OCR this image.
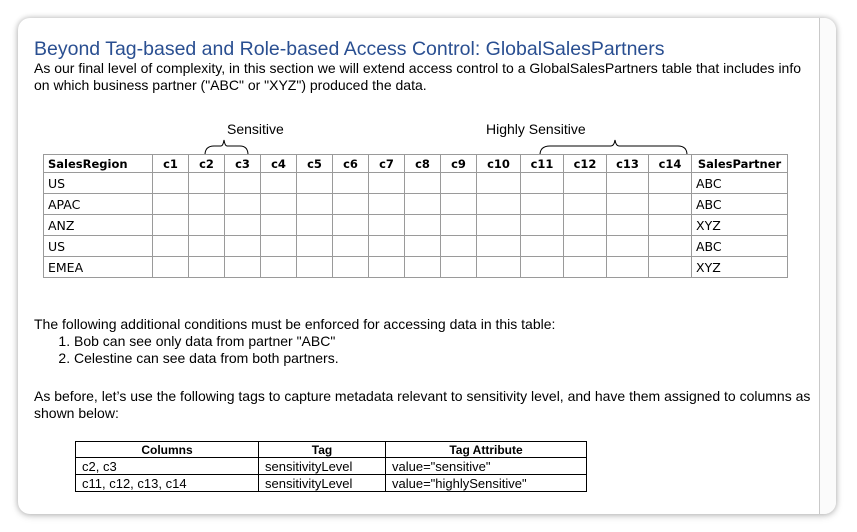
Beyond Tag-based and Role-based Access Control: GlobalSalesPartners
As our final level of complexity, in this section we will extend access control to a GlobalSalesPartners table that includes info on which business partner ("ABC" or "XYZ") produced the data.
Sensitive	Highly Sensitive
SalesRegion	c1	c2	c3	c4	c5	c6	c7	c8	c9	c10	c11	c12	c13	c14	SalesPartner
US															ABC
APAC															ABC
ANZ															XYZ
US															ABC
EMEA															XYZ
The following additional conditions must be enforced for accessing data in this table:
1. Bob can see only data from partner "ABC"
2. Celestine can see data from both partners.
As before, let’s use the following tags to capture metadata relevant to sensitivity level, and have them assigned to columns as shown below:
Columns	Tag	Tag Attribute
c2, c3	sensitivityLevel	value="sensitive"
c11, c12, c13, c14	sensitivityLevel	value="highlySensitive"
